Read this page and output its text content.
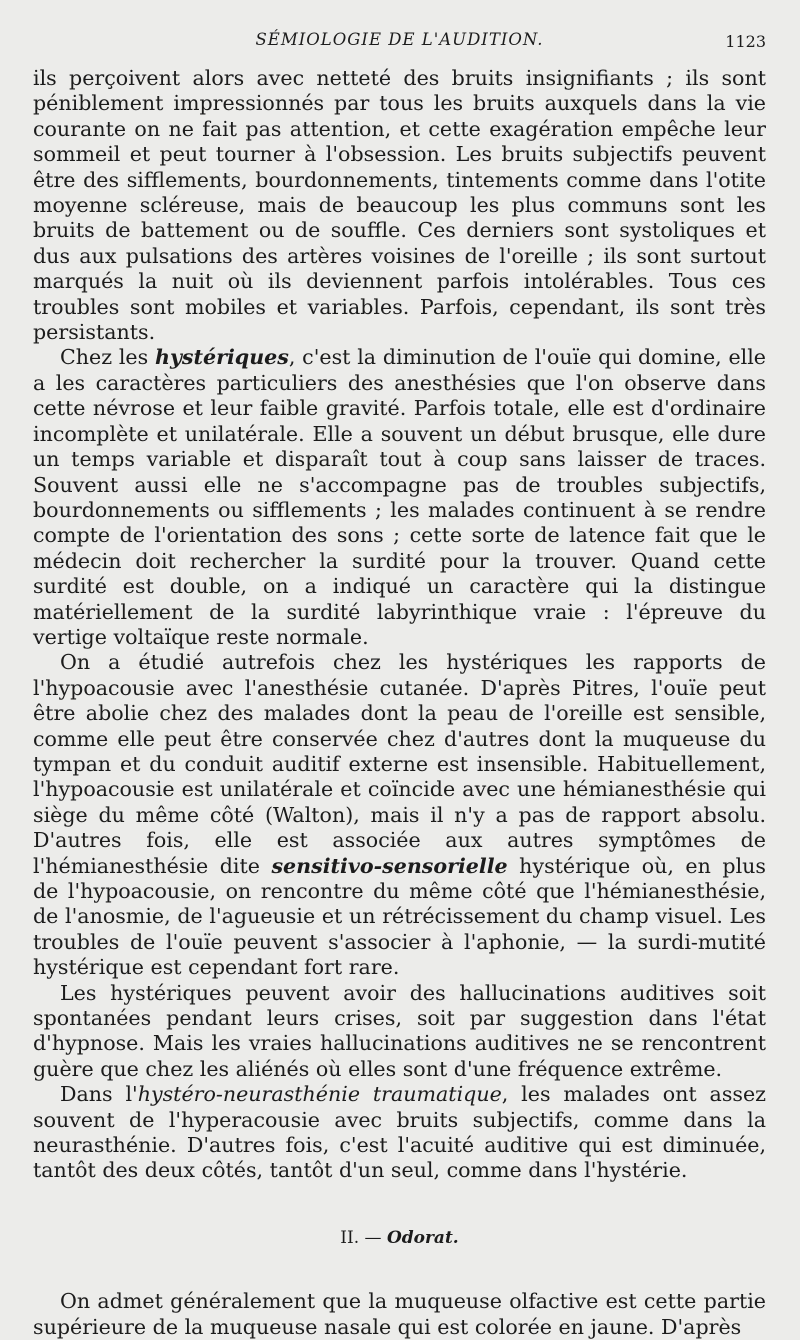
SÉMIOLOGIE DE L'AUDITION.	1123

ils perçoivent alors avec netteté des bruits insignifiants ; ils sont péniblement impressionnés par tous les bruits auxquels dans la vie courante on ne fait pas attention, et cette exagération empêche leur sommeil et peut tourner à l'obsession. Les bruits subjectifs peuvent être des sifflements, bourdonnements, tintements comme dans l'otite moyenne scléreuse, mais de beaucoup les plus communs sont les bruits de battement ou de souffle. Ces derniers sont systoliques et dus aux pulsations des artères voisines de l'oreille ; ils sont surtout marqués la nuit où ils deviennent parfois intolérables. Tous ces troubles sont mobiles et variables. Parfois, cependant, ils sont très persistants.

Chez les hystériques, c'est la diminution de l'ouïe qui domine, elle a les caractères particuliers des anesthésies que l'on observe dans cette névrose et leur faible gravité. Parfois totale, elle est d'ordinaire incomplète et unilatérale. Elle a souvent un début brusque, elle dure un temps variable et disparaît tout à coup sans laisser de traces. Souvent aussi elle ne s'accompagne pas de troubles subjectifs, bourdonnements ou sifflements ; les malades continuent à se rendre compte de l'orientation des sons ; cette sorte de latence fait que le médecin doit rechercher la surdité pour la trouver. Quand cette surdité est double, on a indiqué un caractère qui la distingue matériellement de la surdité labyrinthique vraie : l'épreuve du vertige voltaïque reste normale.

On a étudié autrefois chez les hystériques les rapports de l'hypoacousie avec l'anesthésie cutanée. D'après Pitres, l'ouïe peut être abolie chez des malades dont la peau de l'oreille est sensible, comme elle peut être conservée chez d'autres dont la muqueuse du tympan et du conduit auditif externe est insensible. Habituellement, l'hypoacousie est unilatérale et coïncide avec une hémianesthésie qui siège du même côté (Walton), mais il n'y a pas de rapport absolu. D'autres fois, elle est associée aux autres symptômes de l'hémianesthésie dite sensitivo-sensorielle hystérique où, en plus de l'hypoacousie, on rencontre du même côté que l'hémianesthésie, de l'anosmie, de l'agueusie et un rétrécissement du champ visuel. Les troubles de l'ouïe peuvent s'associer à l'aphonie, — la surdi-mutité hystérique est cependant fort rare.

Les hystériques peuvent avoir des hallucinations auditives soit spontanées pendant leurs crises, soit par suggestion dans l'état d'hypnose. Mais les vraies hallucinations auditives ne se rencontrent guère que chez les aliénés où elles sont d'une fréquence extrême.

Dans l'hystéro-neurasthénie traumatique, les malades ont assez souvent de l'hyperacousie avec bruits subjectifs, comme dans la neurasthénie. D'autres fois, c'est l'acuité auditive qui est diminuée, tantôt des deux côtés, tantôt d'un seul, comme dans l'hystérie.

II. — Odorat.

On admet généralement que la muqueuse olfactive est cette partie supérieure de la muqueuse nasale qui est colorée en jaune. D'après
